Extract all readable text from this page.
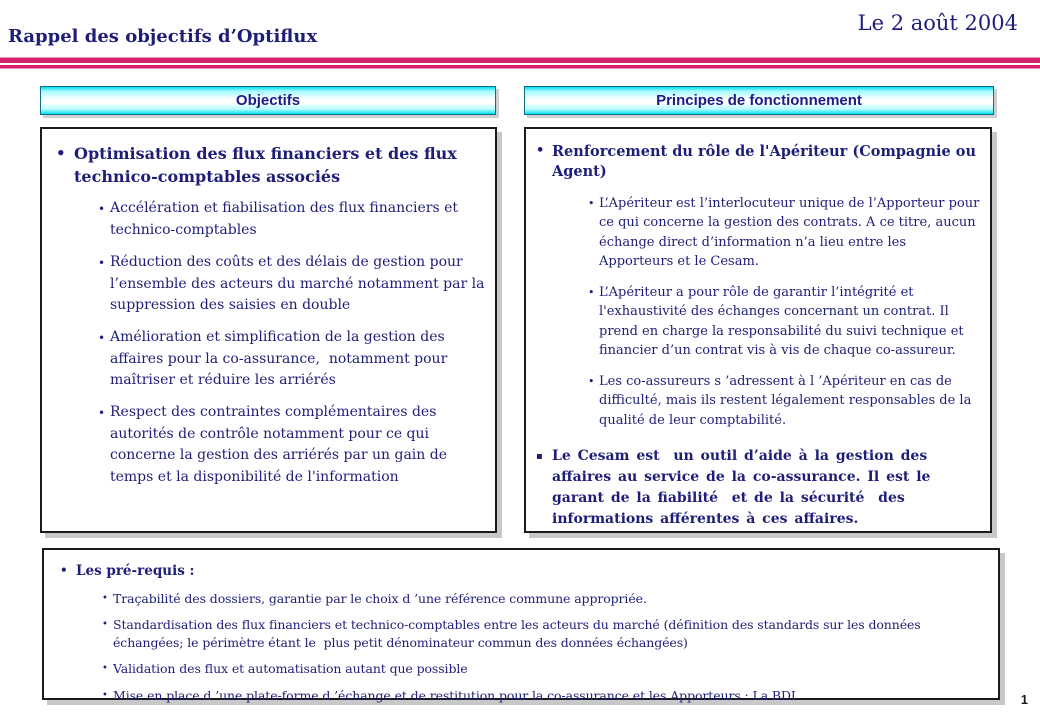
Rappel des objectifs d’Optiflux
Le 2 août 2004
Objectifs	Principes de fonctionnement
• Optimisation des flux financiers et des flux technico-comptables associés
• Accélération et fiabilisation des flux financiers et technico-comptables
• Réduction des coûts et des délais de gestion pour l’ensemble des acteurs du marché notamment par la suppression des saisies en double
• Amélioration et simplification de la gestion des affaires pour la co-assurance,  notamment pour maîtriser et réduire les arriérés
• Respect des contraintes complémentaires des autorités de contrôle notamment pour ce qui concerne la gestion des arriérés par un gain de temps et la disponibilité de l'information
• Renforcement du rôle de l'Apériteur (Compagnie ou Agent)
• L’Apériteur est l’interlocuteur unique de l’Apporteur pour ce qui concerne la gestion des contrats. A ce titre, aucun échange direct d’information n’a lieu entre les Apporteurs et le Cesam.
• L’Apériteur a pour rôle de garantir l’intégrité et l'exhaustivité des échanges concernant un contrat. Il prend en charge la responsabilité du suivi technique et financier d’un contrat vis à vis de chaque co-assureur.
• Les co-assureurs s ’adressent à l ’Apériteur en cas de difficulté, mais ils restent légalement responsables de la qualité de leur comptabilité.
▪ Le Cesam est  un outil d’aide à la gestion des affaires au service de la co-assurance. Il est le garant de la fiabilité  et de la sécurité  des informations afférentes à ces affaires.
• Les pré-requis :
• Traçabilité des dossiers, garantie par le choix d ’une référence commune appropriée.
• Standardisation des flux financiers et technico-comptables entre les acteurs du marché (définition des standards sur les données échangées; le périmètre étant le  plus petit dénominateur commun des données échangées)
• Validation des flux et automatisation autant que possible
• Mise en place d ’une plate-forme d ’échange et de restitution pour la co-assurance et les Apporteurs : La BDI	1
